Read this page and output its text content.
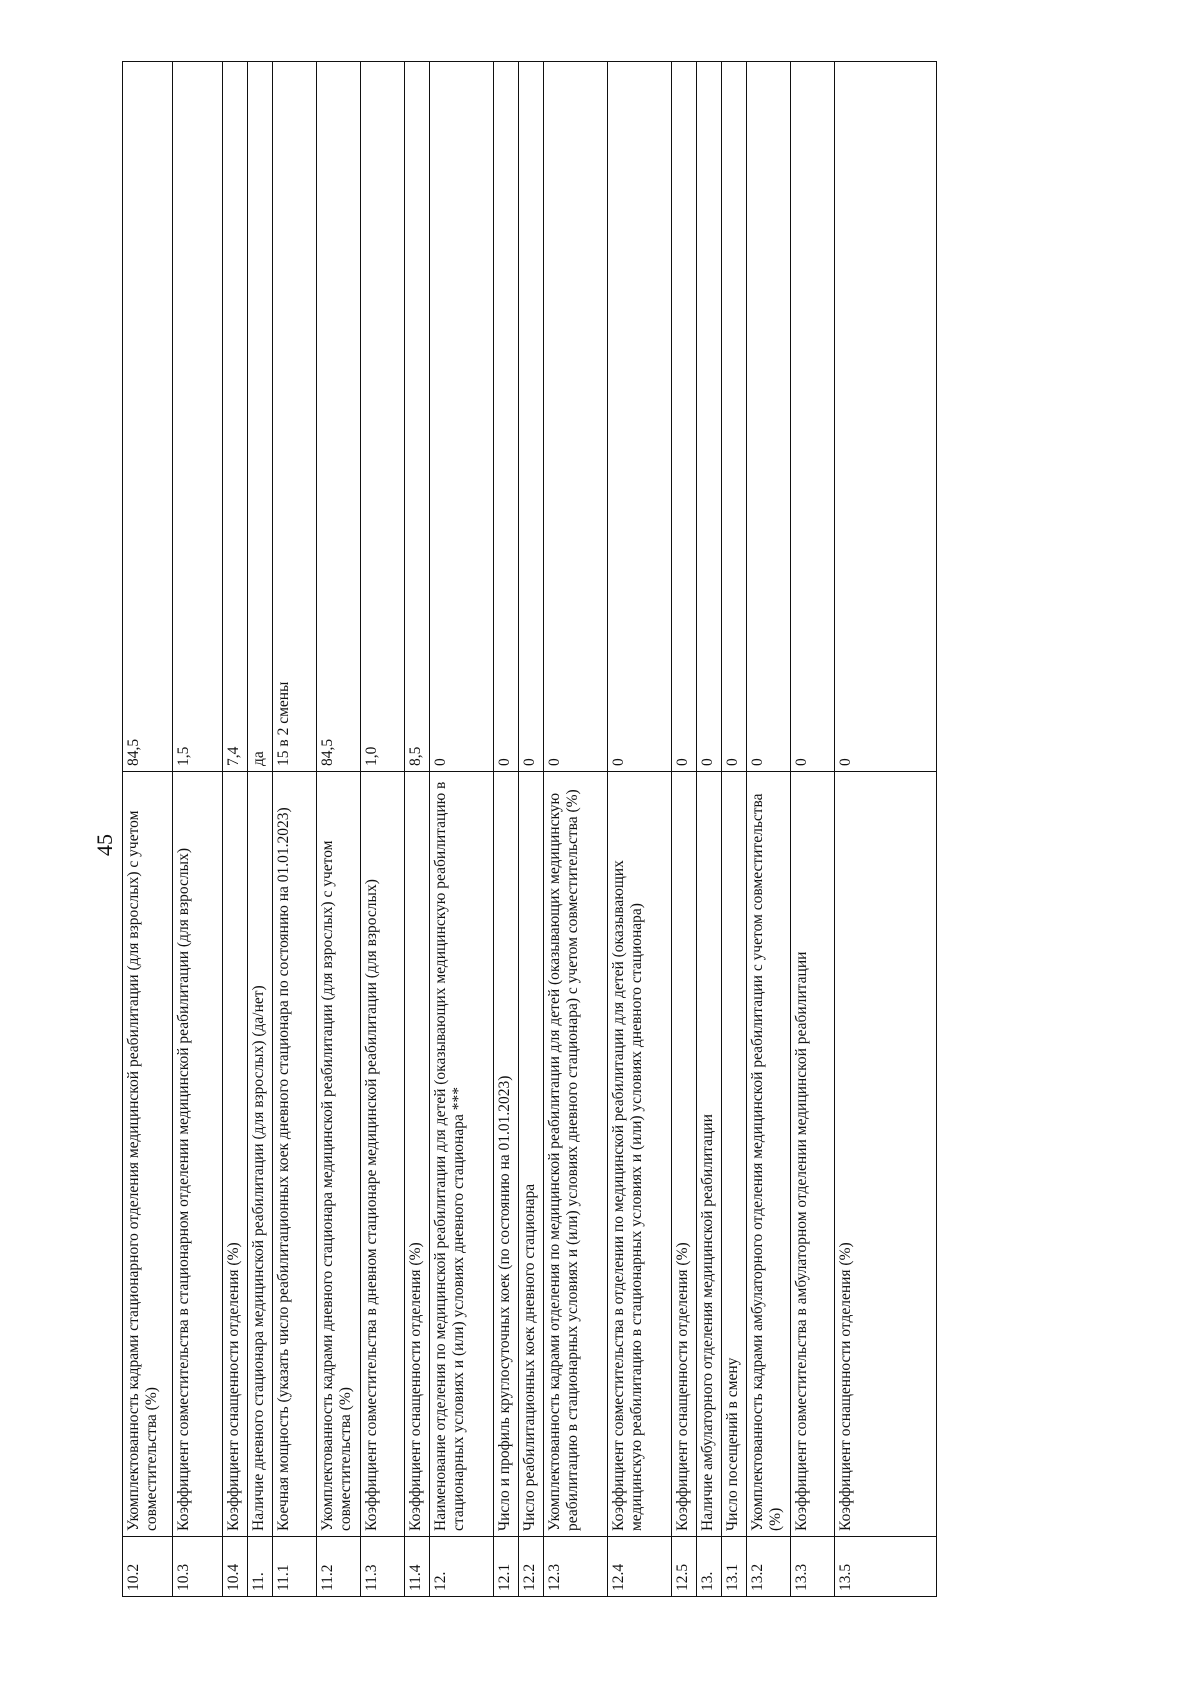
45
10.2	Укомплектованность кадрами стационарного отделения медицинской реабилитации (для взрослых) с учетом совместительства (%)	84,5
10.3	Коэффициент совместительства в стационарном отделении медицинской реабилитации (для взрослых)	1,5
10.4	Коэффициент оснащенности отделения (%)	7,4
11.	Наличие дневного стационара медицинской реабилитации (для взрослых) (да/нет)	да
11.1	Коечная мощность (указать число реабилитационных коек дневного стационара по состоянию на 01.01.2023)	15 в 2 смены
11.2	Укомплектованность кадрами дневного стационара медицинской реабилитации (для взрослых) с учетом совместительства (%)	84,5
11.3	Коэффициент совместительства в дневном стационаре медицинской реабилитации (для взрослых)	1,0
11.4	Коэффициент оснащенности отделения (%)	8,5
12.	Наименование отделения по медицинской реабилитации для детей (оказывающих медицинскую реабилитацию в стационарных условиях и (или) условиях дневного стационара ***	0
12.1	Число и профиль круглосуточных коек (по состоянию на 01.01.2023)	0
12.2	Число реабилитационных коек дневного стационара	0
12.3	Укомплектованность кадрами отделения по медицинской реабилитации для детей (оказывающих медицинскую реабилитацию в стационарных условиях и (или) условиях дневного стационара) с учетом совместительства (%)	0
12.4	Коэффициент совместительства в отделении по медицинской реабилитации для детей (оказывающих медицинскую реабилитацию в стационарных условиях и (или) условиях дневного стационара)	0
12.5	Коэффициент оснащенности отделения (%)	0
13.	Наличие амбулаторного отделения медицинской реабилитации	0
13.1	Число посещений в смену	0
13.2	Укомплектованность кадрами амбулаторного отделения медицинской реабилитации с учетом совместительства (%)	0
13.3	Коэффициент совместительства в амбулаторном отделении медицинской реабилитации	0
13.5	Коэффициент оснащенности отделения (%)	0
